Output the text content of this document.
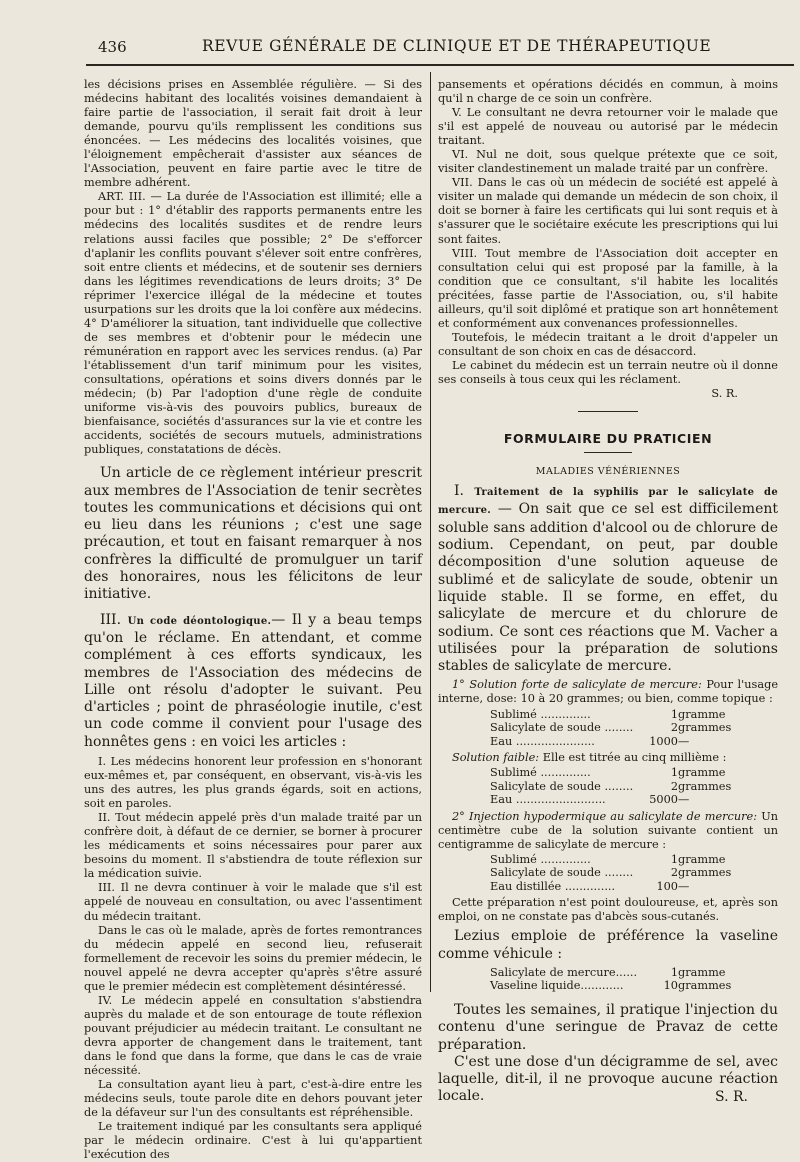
436	REVUE GÉNÉRALE DE CLINIQUE ET DE THÉRAPEUTIQUE

les décisions prises en Assemblée régulière. — Si des médecins habitant des localités voisines demandaient à faire partie de l'association, il serait fait droit à leur demande, pourvu qu'ils remplissent les conditions sus énoncées. — Les médecins des localités voisines, que l'éloignement empêcherait d'assister aux séances de l'Association, peuvent en faire partie avec le titre de membre adhérent.

ART. III. — La durée de l'Association est illimité; elle a pour but : 1° d'établir des rapports permanents entre les médecins des localités susdites et de rendre leurs relations aussi faciles que possible; 2° De s'efforcer d'aplanir les conflits pouvant s'élever soit entre confrères, soit entre clients et médecins, et de soutenir ses derniers dans les légitimes revendications de leurs droits; 3° De réprimer l'exercice illégal de la médecine et toutes usurpations sur les droits que la loi confère aux médecins. 4° D'améliorer la situation, tant individuelle que collective de ses membres et d'obtenir pour le médecin une rémunération en rapport avec les services rendus. (a) Par l'établissement d'un tarif minimum pour les visites, consultations, opérations et soins divers donnés par le médecin; (b) Par l'adoption d'une règle de conduite uniforme vis-à-vis des pouvoirs publics, bureaux de bienfaisance, sociétés d'assurances sur la vie et contre les accidents, sociétés de secours mutuels, administrations publiques, constatations de décès.

Un article de ce règlement intérieur prescrit aux membres de l'Association de tenir secrètes toutes les communications et décisions qui ont eu lieu dans les réunions ; c'est une sage précaution, et tout en faisant remarquer à nos confrères la difficulté de promulguer un tarif des honoraires, nous les félicitons de leur initiative.

III. Un code déontologique.— Il y a beau temps qu'on le réclame. En attendant, et comme complément à ces efforts syndicaux, les membres de l'Association des médecins de Lille ont résolu d'adopter le suivant. Peu d'articles ; point de phraséologie inutile, c'est un code comme il convient pour l'usage des honnêtes gens : en voici les articles :

I. Les médecins honorent leur profession en s'honorant eux-mêmes et, par conséquent, en observant, vis-à-vis les uns des autres, les plus grands égards, soit en actions, soit en paroles.

II. Tout médecin appelé près d'un malade traité par un confrère doit, à défaut de ce dernier, se borner à procurer les médicaments et soins nécessaires pour parer aux besoins du moment. Il s'abstiendra de toute réflexion sur la médication suivie.

III. Il ne devra continuer à voir le malade que s'il est appelé de nouveau en consultation, ou avec l'assentiment du médecin traitant.

Dans le cas où le malade, après de fortes remontrances du médecin appelé en second lieu, refuserait formellement de recevoir les soins du premier médecin, le nouvel appelé ne devra accepter qu'après s'être assuré que le premier médecin est complètement désintéressé.

IV. Le médecin appelé en consultation s'abstiendra auprès du malade et de son entourage de toute réflexion pouvant préjudicier au médecin traitant. Le consultant ne devra apporter de changement dans le traitement, tant dans le fond que dans la forme, que dans le cas de vraie nécessité.

La consultation ayant lieu à part, c'est-à-dire entre les médecins seuls, toute parole dite en dehors pouvant jeter de la défaveur sur l'un des consultants est répréhensible.

Le traitement indiqué par les consultants sera appliqué par le médecin ordinaire. C'est à lui qu'appartient l'exécution des

pansements et opérations décidés en commun, à moins qu'il n charge de ce soin un confrère.

V. Le consultant ne devra retourner voir le malade que s'il est appelé de nouveau ou autorisé par le médecin traitant.

VI. Nul ne doit, sous quelque prétexte que ce soit, visiter clandestinement un malade traité par un confrère.

VII. Dans le cas où un médecin de société est appelé à visiter un malade qui demande un médecin de son choix, il doit se borner à faire les certificats qui lui sont requis et à s'assurer que le sociétaire exécute les prescriptions qui lui sont faites.

VIII. Tout membre de l'Association doit accepter en consultation celui qui est proposé par la famille, à la condition que ce consultant, s'il habite les localités précitées, fasse partie de l'Association, ou, s'il habite ailleurs, qu'il soit diplômé et pratique son art honnêtement et conformément aux convenances professionnelles.

Toutefois, le médecin traitant a le droit d'appeler un consultant de son choix en cas de désaccord.

Le cabinet du médecin est un terrain neutre où il donne ses conseils à tous ceux qui les réclament.

S. R.

FORMULAIRE DU PRATICIEN

MALADIES VÉNÉRIENNES

I. Traitement de la syphilis par le salicylate de mercure. — On sait que ce sel est difficilement soluble sans addition d'alcool ou de chlorure de sodium. Cependant, on peut, par double décomposition d'une solution aqueuse de sublimé et de salicylate de soude, obtenir un liquide stable. Il se forme, en effet, du salicylate de mercure et du chlorure de sodium. Ce sont ces réactions que M. Vacher a utilisées pour la préparation de solutions stables de salicylate de mercure.

1° Solution forte de salicylate de mercure: Pour l'usage interne, dose: 10 à 20 grammes; ou bien, comme topique :

Sublimé ..............	1	gramme
Salicylate de soude ........	2	grammes
Eau ......................	1000	—

Solution faible: Elle est titrée au cinq millième :

Sublimé ..............	1	gramme
Salicylate de soude ........	2	grammes
Eau .........................	5000	—

2° Injection hypodermique au salicylate de mercure: Un centimètre cube de la solution suivante contient un centigramme de salicylate de mercure :

Sublimé ..............	1	gramme
Salicylate de soude ........	2	grammes
Eau distillée ..............	100	—

Cette préparation n'est point douloureuse, et, après son emploi, on ne constate pas d'abcès sous-cutanés.

Lezius emploie de préférence la vaseline comme véhicule :

Salicylate de mercure......	1	gramme
Vaseline liquide............	10	grammes

Toutes les semaines, il pratique l'injection du contenu d'une seringue de Pravaz de cette préparation.

C'est une dose d'un décigramme de sel, avec laquelle, dit-il, il ne provoque aucune réaction locale.	S. R.
